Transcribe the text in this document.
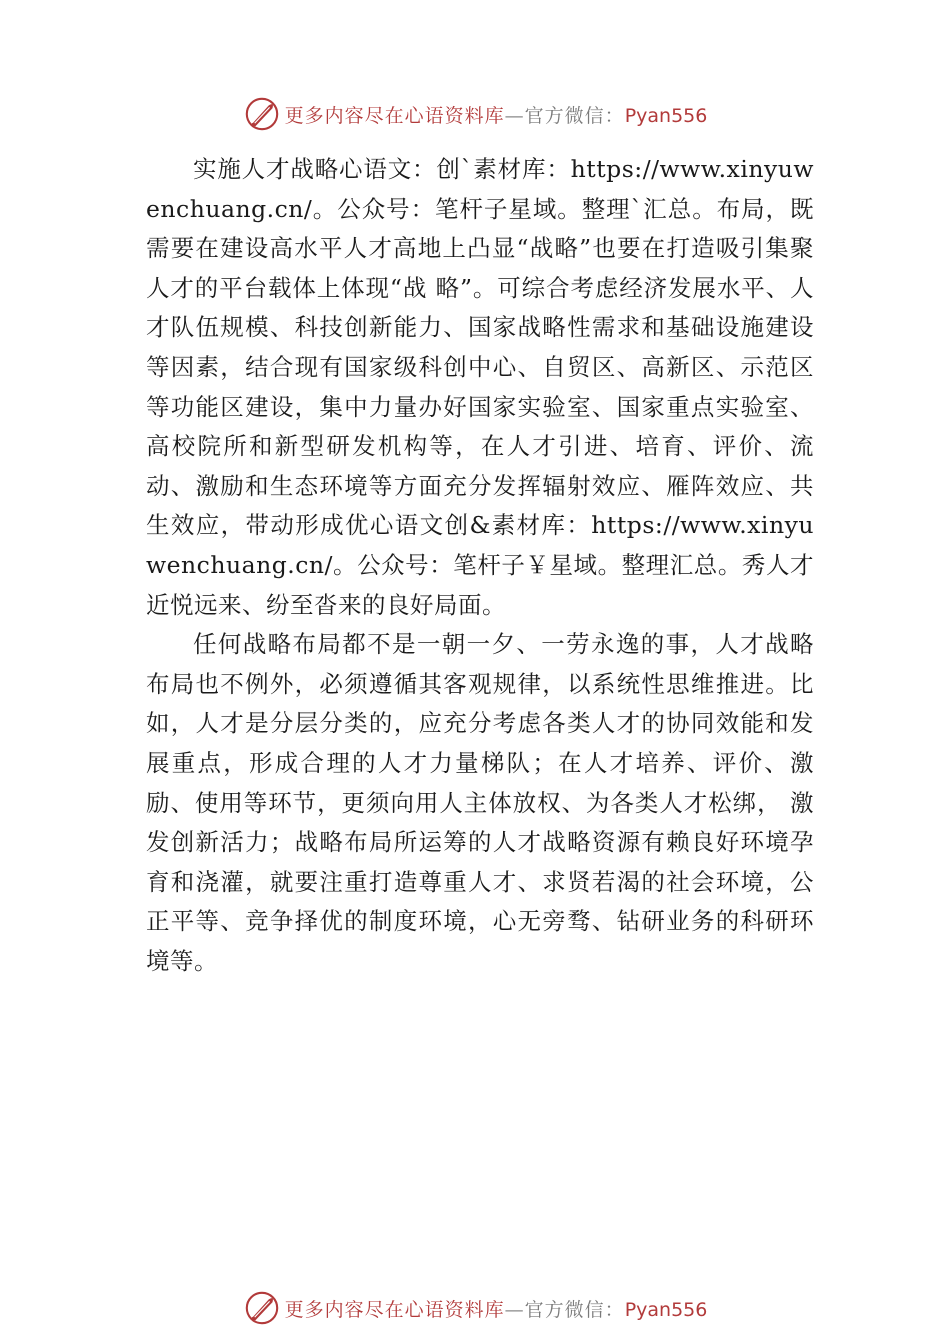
更多内容尽在心语资料库—官方微信：Pyan556

实施人才战略心语文：创`素材库：https://www.xinyuwenchuang.cn/。公众号：笔杆子星域。整理`汇总。布局，既需要在建设高水平人才高地上凸显“战略”也要在打造吸引集聚人才的平台载体上体现“战 略”。可综合考虑经济发展水平、人才队伍规模、科技创新能力、国家战略性需求和基础设施建设等因素，结合现有国家级科创中心、自贸区、高新区、示范区等功能区建设，集中力量办好国家实验室、国家重点实验室、高校院所和新型研发机构等，在人才引进、培育、评价、流动、激励和生态环境等方面充分发挥辐射效应、雁阵效应、共生效应，带动形成优心语文创&素材库：https://www.xinyuwenchuang.cn/。公众号：笔杆子￥星域。整理汇总。秀人才近悦远来、纷至沓来的良好局面。

任何战略布局都不是一朝一夕、一劳永逸的事，人才战略布局也不例外，必须遵循其客观规律，以系统性思维推进。比如，人才是分层分类的，应充分考虑各类人才的协同效能和发展重点，形成合理的人才力量梯队；在人才培养、评价、激励、使用等环节，更须向用人主体放权、为各类人才松绑， 激发创新活力；战略布局所运筹的人才战略资源有赖良好环境孕育和浇灌，就要注重打造尊重人才、求贤若渴的社会环境，公正平等、竞争择优的制度环境，心无旁骛、钻研业务的科研环境等。

更多内容尽在心语资料库—官方微信：Pyan556
